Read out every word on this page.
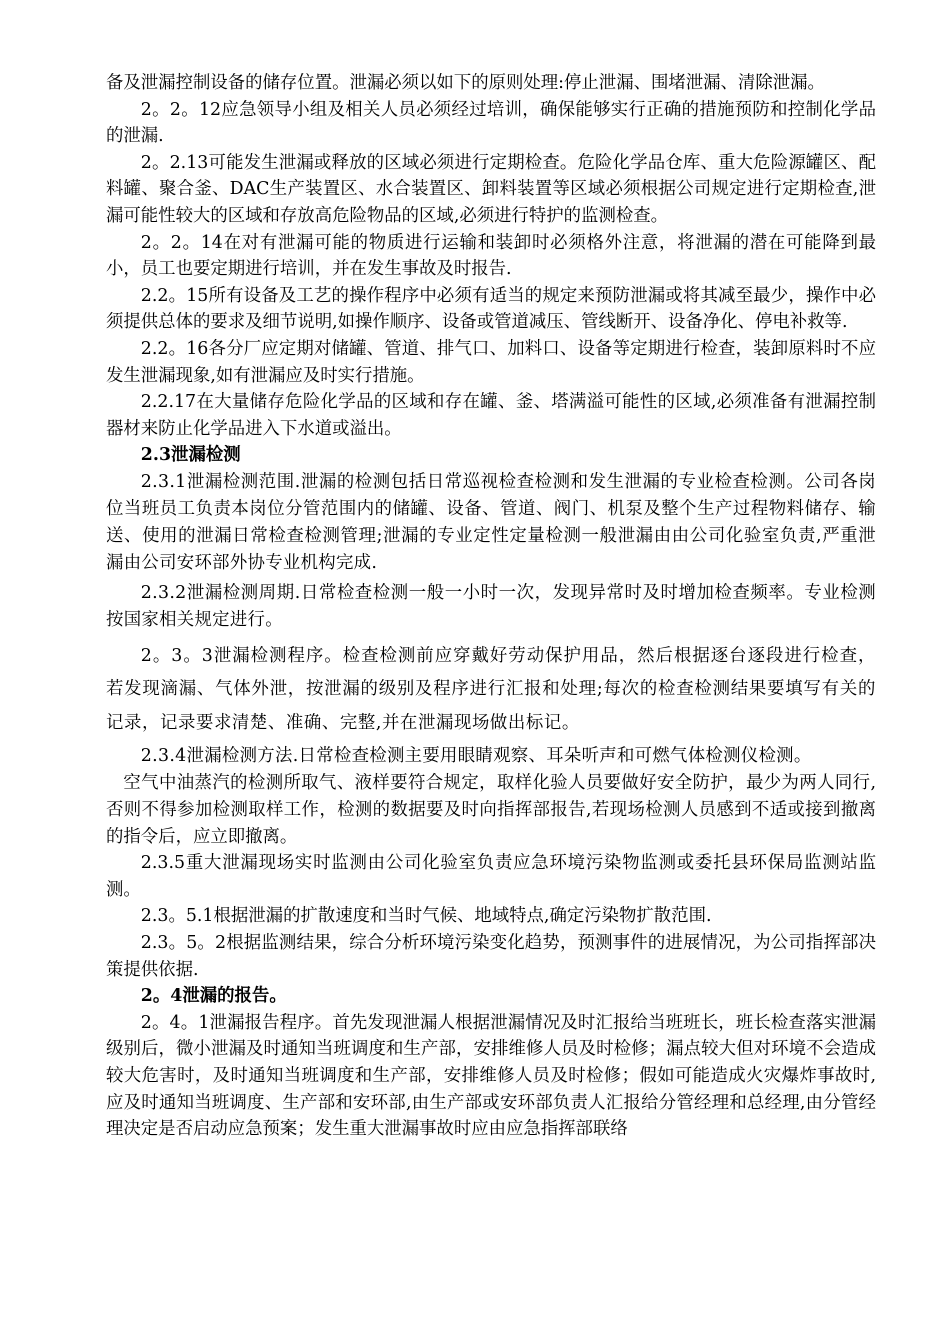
备及泄漏控制设备的储存位置。泄漏必须以如下的原则处理:停止泄漏、围堵泄漏、清除泄漏。

2。2。12应急领导小组及相关人员必须经过培训，确保能够实行正确的措施预防和控制化学品的泄漏.

2。2.13可能发生泄漏或释放的区域必须进行定期检查。危险化学品仓库、重大危险源罐区、配料罐、聚合釜、DAC生产装置区、水合装置区、卸料装置等区域必须根据公司规定进行定期检查,泄漏可能性较大的区域和存放高危险物品的区域,必须进行特护的监测检查。

2。2。14在对有泄漏可能的物质进行运输和装卸时必须格外注意，将泄漏的潜在可能降到最小，员工也要定期进行培训，并在发生事故及时报告.

2.2。15所有设备及工艺的操作程序中必须有适当的规定来预防泄漏或将其减至最少，操作中必须提供总体的要求及细节说明,如操作顺序、设备或管道减压、管线断开、设备净化、停电补救等.

2.2。16各分厂应定期对储罐、管道、排气口、加料口、设备等定期进行检查，装卸原料时不应发生泄漏现象,如有泄漏应及时实行措施。

2.2.17在大量储存危险化学品的区域和存在罐、釜、塔满溢可能性的区域,必须准备有泄漏控制器材来防止化学品进入下水道或溢出。

2.3泄漏检测

2.3.1泄漏检测范围.泄漏的检测包括日常巡视检查检测和发生泄漏的专业检查检测。公司各岗位当班员工负责本岗位分管范围内的储罐、设备、管道、阀门、机泵及整个生产过程物料储存、输送、使用的泄漏日常检查检测管理;泄漏的专业定性定量检测一般泄漏由由公司化验室负责,严重泄漏由公司安环部外协专业机构完成.

2.3.2泄漏检测周期.日常检查检测一般一小时一次，发现异常时及时增加检查频率。专业检测按国家相关规定进行。

2。3。3泄漏检测程序。检查检测前应穿戴好劳动保护用品，然后根据逐台逐段进行检查，若发现滴漏、气体外泄，按泄漏的级别及程序进行汇报和处理;每次的检查检测结果要填写有关的记录，记录要求清楚、准确、完整,并在泄漏现场做出标记。

2.3.4泄漏检测方法.日常检查检测主要用眼睛观察、耳朵听声和可燃气体检测仪检测。

空气中油蒸汽的检测所取气、液样要符合规定，取样化验人员要做好安全防护，最少为两人同行,否则不得参加检测取样工作，检测的数据要及时向指挥部报告,若现场检测人员感到不适或接到撤离的指令后，应立即撤离。

2.3.5重大泄漏现场实时监测由公司化验室负责应急环境污染物监测或委托县环保局监测站监测。

2.3。5.1根据泄漏的扩散速度和当时气候、地域特点,确定污染物扩散范围.

2.3。5。2根据监测结果，综合分析环境污染变化趋势，预测事件的进展情况，为公司指挥部决策提供依据.

2。4泄漏的报告。

2。4。1泄漏报告程序。首先发现泄漏人根据泄漏情况及时汇报给当班班长，班长检查落实泄漏级别后，微小泄漏及时通知当班调度和生产部，安排维修人员及时检修；漏点较大但对环境不会造成较大危害时，及时通知当班调度和生产部，安排维修人员及时检修；假如可能造成火灾爆炸事故时,应及时通知当班调度、生产部和安环部,由生产部或安环部负责人汇报给分管经理和总经理,由分管经理决定是否启动应急预案；发生重大泄漏事故时应由应急指挥部联络
